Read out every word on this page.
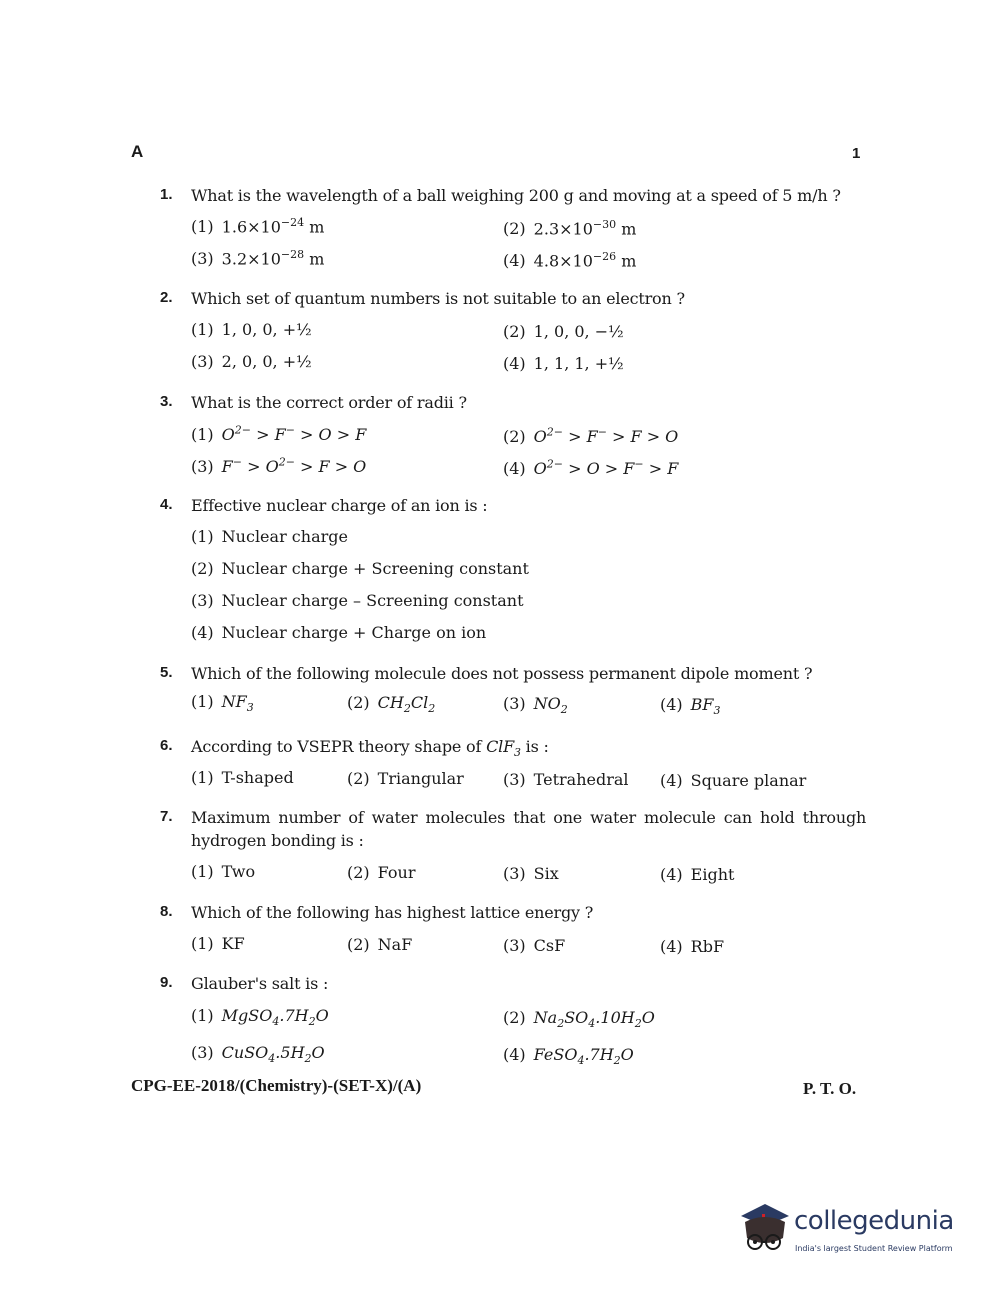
A	1
1. What is the wavelength of a ball weighing 200 g and moving at a speed of 5 m/h ?
(1) $1.6\times 10^{-24}$ m	(2) $2.3\times 10^{-30}$ m
(3) $3.2\times 10^{-28}$ m	(4) $4.8\times 10^{-26}$ m
2. Which set of quantum numbers is not suitable to an electron ?
(1) 1, 0, 0, +½	(2) 1, 0, 0, −½
(3) 2, 0, 0, +½	(4) 1, 1, 1, +½
3. What is the correct order of radii ?
(1) $O^{2-} > F^- > O > F$	(2) $O^{2-} > F^- > F > O$
(3) $F^- > O^{2-} > F > O$	(4) $O^{2-} > O > F^- > F$
4. Effective nuclear charge of an ion is :
(1) Nuclear charge
(2) Nuclear charge + Screening constant
(3) Nuclear charge – Screening constant
(4) Nuclear charge + Charge on ion
5. Which of the following molecule does not possess permanent dipole moment ?
(1) $NF_3$	(2) $CH_2Cl_2$	(3) $NO_2$	(4) $BF_3$
6. According to VSEPR theory shape of ClF$_3$ is :
(1) T-shaped	(2) Triangular (3) Tetrahedral (4) Square planar
7. Maximum number of water molecules that one water molecule can hold through
hydrogen bonding is :
(1) Two	(2) Four	(3) Six	(4) Eight
8. Which of the following has highest lattice energy ?
(1) KF	(2) NaF	(3) CsF	(4) RbF
9. Glauber's salt is :
(1) $MgSO_4.7H_2O$	(2) $Na_2SO_4.10H_2O$
(3) $CuSO_4.5H_2O$	(4) $FeSO_4.7H_2O$
CPG-EE-2018/(Chemistry)-(SET-X)/(A)	P. T. O.
collegedunia
India's largest Student Review Platform
